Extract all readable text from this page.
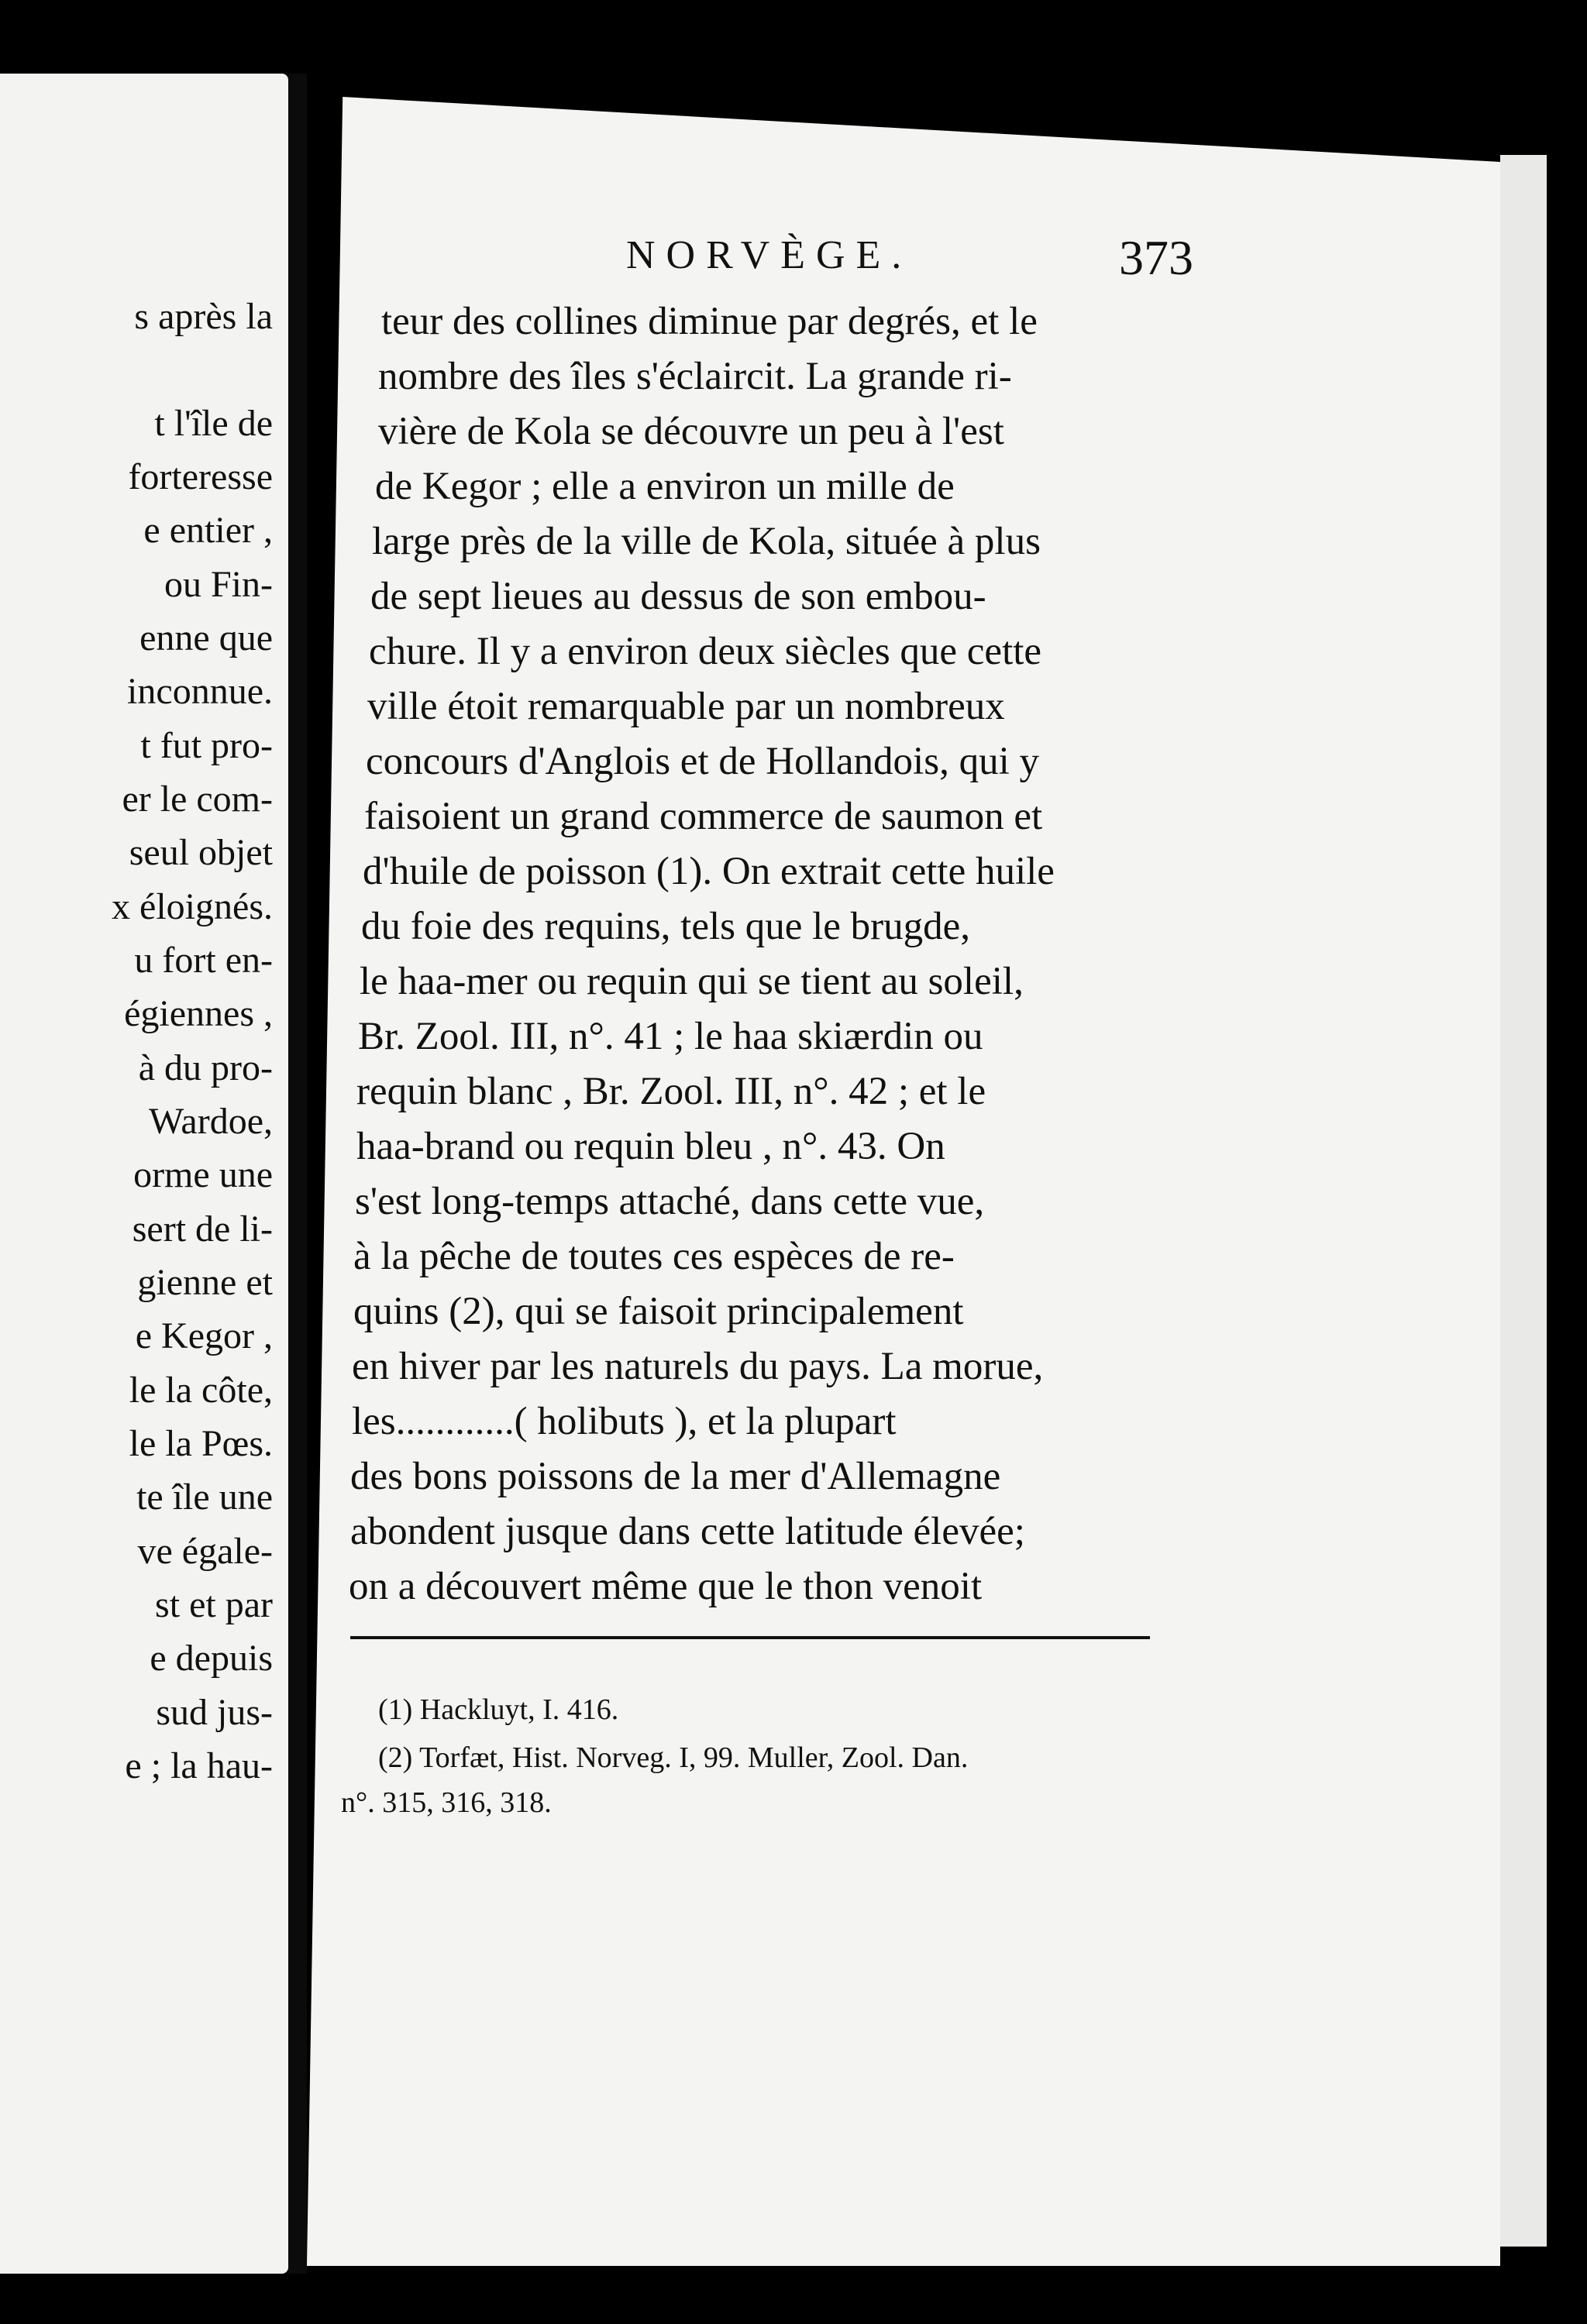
s après la
t l'île de
forteresse
e entier ,
ou Fin-
enne que
inconnue.
t fut pro-
er le com-
seul objet
x éloignés.
u fort en-
égiennes ,
à du pro-
Wardoe,
orme une
sert de li-
gienne et
e Kegor ,
le la côte,
le la Pœs.
te île une
ve égale-
st et par
e depuis
sud jus-
e ; la hau-
NORVÈGE.	373
teur des collines diminue par degrés, et le
nombre des îles s'éclaircit. La grande ri-
vière de Kola se découvre un peu à l'est
de Kegor ; elle a environ un mille de
large près de la ville de Kola, située à plus
de sept lieues au dessus de son embou-
chure. Il y a environ deux siècles que cette
ville étoit remarquable par un nombreux
concours d'Anglois et de Hollandois, qui y
faisoient un grand commerce de saumon et
d'huile de poisson (1). On extrait cette huile
du foie des requins, tels que le brugde,
le haa-mer ou requin qui se tient au soleil,
Br. Zool. III, n°. 41 ; le haa skiærdin ou
requin blanc , Br. Zool. III, n°. 42 ; et le
haa-brand ou requin bleu , n°. 43. On
s'est long-temps attaché, dans cette vue,
à la pêche de toutes ces espèces de re-
quins (2), qui se faisoit principalement
en hiver par les naturels du pays. La morue,
les............( holibuts ), et la plupart
des bons poissons de la mer d'Allemagne
abondent jusque dans cette latitude élevée;
on a découvert même que le thon venoit
(1) Hackluyt, I. 416.
(2) Torfæt, Hist. Norveg. I, 99. Muller, Zool. Dan.
n°. 315, 316, 318.
